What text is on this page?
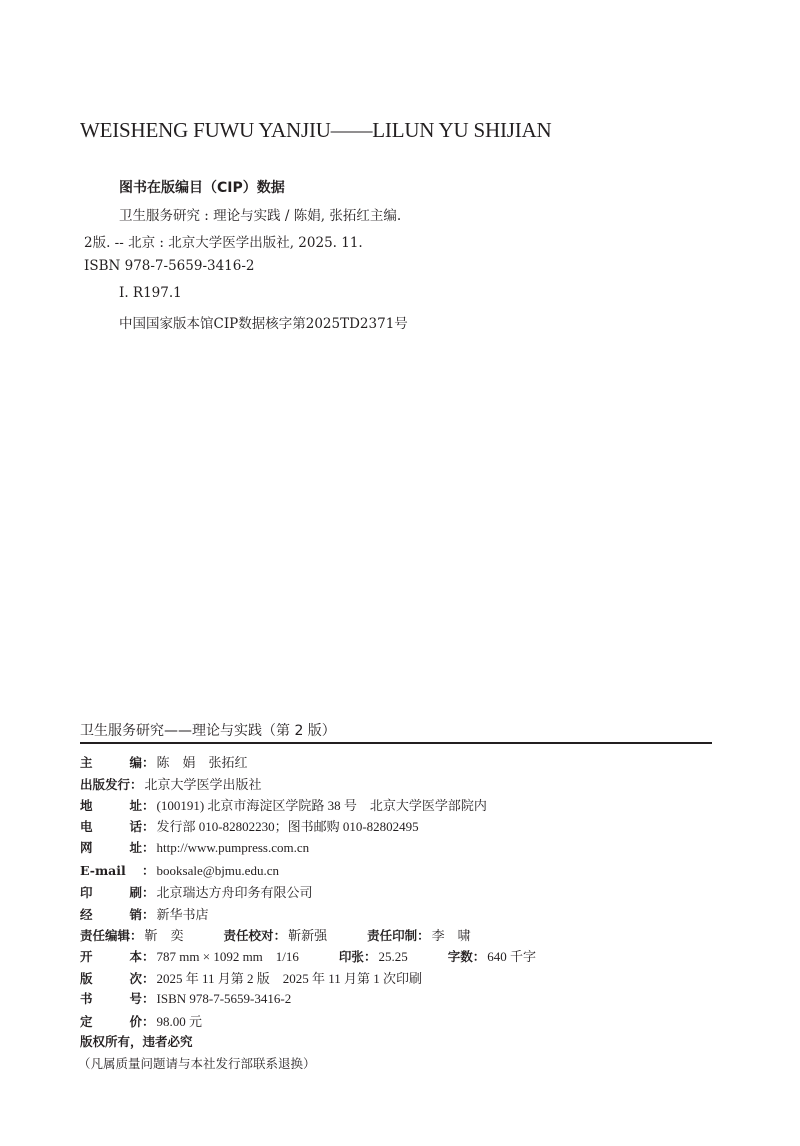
WEISHENG FUWU YANJIU——LILUN YU SHIJIAN
图书在版编目（CIP）数据
卫生服务研究 : 理论与实践 / 陈娟, 张拓红主编.
2版. -- 北京 : 北京大学医学出版社, 2025. 11.
ISBN 978-7-5659-3416-2
Ⅰ. R197.1
中国国家版本馆CIP数据核字第2025TD2371号
卫生服务研究——理论与实践（第 2 版）
主编 ： 陈　娟　张拓红
出版发行 ： 北京大学医学出版社
地址 ： (100191) 北京市海淀区学院路 38 号　北京大学医学部院内
电话 ： 发行部 010-82802230；图书邮购 010-82802495
网址 ： http://www.pumpress.com.cn
E-mail	： booksale@bjmu.edu.cn
印刷 ： 北京瑞达方舟印务有限公司
经销 ： 新华书店
责任编辑 ： 靳　奕	责任校对 ： 靳新强	责任印制 ： 李　啸
开本 ： 787 mm × 1092 mm　1/16	印张 ： 25.25	字数 ： 640 千字
版次 ： 2025 年 11 月第 2 版　2025 年 11 月第 1 次印刷
书号 ： ISBN 978-7-5659-3416-2
定价 ： 98.00 元
版权所有，违者必究
（凡属质量问题请与本社发行部联系退换）
